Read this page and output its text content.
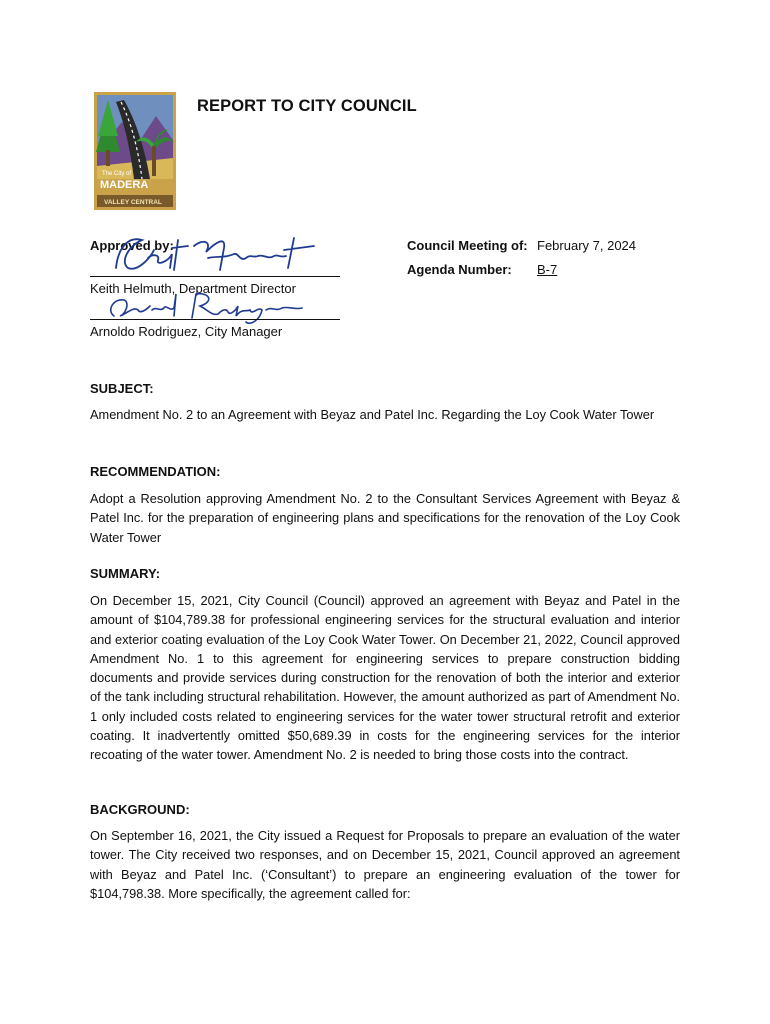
The City of
MADERA
VALLEY CENTRAL
REPORT TO CITY COUNCIL
Approved by:
Keith Helmuth, Department Director
Arnoldo Rodriguez, City Manager
Council Meeting of: February 7, 2024
Agenda Number: B-7
SUBJECT:
Amendment No. 2 to an Agreement with Beyaz and Patel Inc. Regarding the Loy Cook Water Tower
RECOMMENDATION:
Adopt a Resolution approving Amendment No. 2 to the Consultant Services Agreement with Beyaz & Patel Inc. for the preparation of engineering plans and specifications for the renovation of the Loy Cook Water Tower
SUMMARY:
On December 15, 2021, City Council (Council) approved an agreement with Beyaz and Patel in the amount of $104,789.38 for professional engineering services for the structural evaluation and interior and exterior coating evaluation of the Loy Cook Water Tower. On December 21, 2022, Council approved Amendment No. 1 to this agreement for engineering services to prepare construction bidding documents and provide services during construction for the renovation of both the interior and exterior of the tank including structural rehabilitation. However, the amount authorized as part of Amendment No. 1 only included costs related to engineering services for the water tower structural retrofit and exterior coating. It inadvertently omitted $50,689.39 in costs for the engineering services for the interior recoating of the water tower. Amendment No. 2 is needed to bring those costs into the contract.
BACKGROUND:
On September 16, 2021, the City issued a Request for Proposals to prepare an evaluation of the water tower. The City received two responses, and on December 15, 2021, Council approved an agreement with Beyaz and Patel Inc. (‘Consultant’) to prepare an engineering evaluation of the tower for $104,798.38. More specifically, the agreement called for:
